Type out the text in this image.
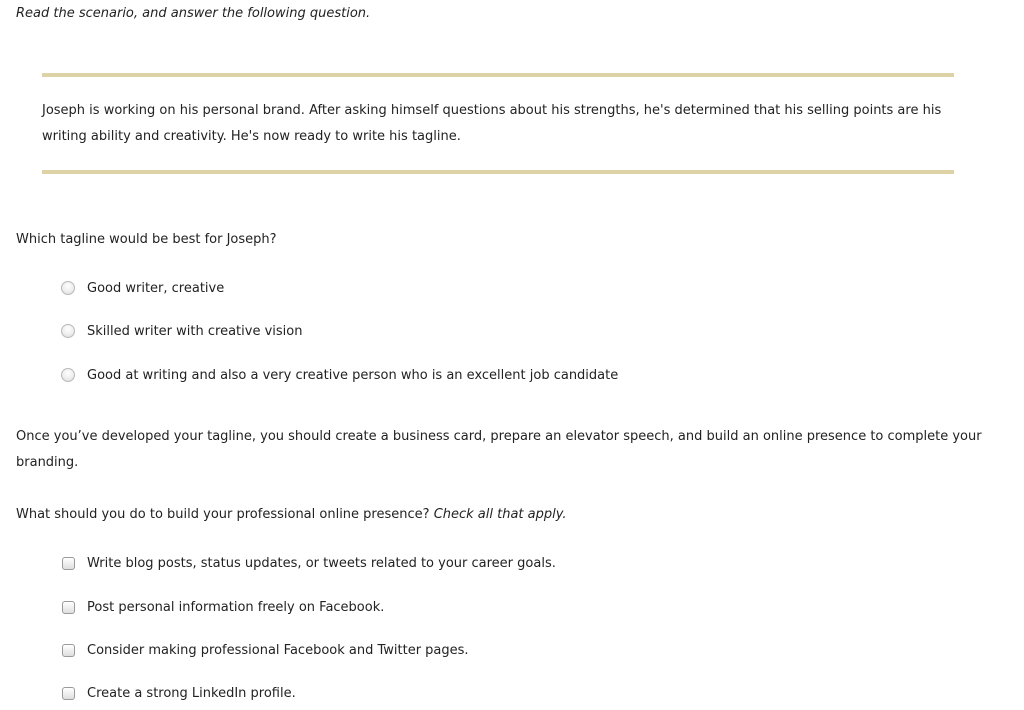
Read the scenario, and answer the following question.
Joseph is working on his personal brand. After asking himself questions about his strengths, he's determined that his selling points are his writing ability and creativity. He's now ready to write his tagline.
Which tagline would be best for Joseph?
Good writer, creative
Skilled writer with creative vision
Good at writing and also a very creative person who is an excellent job candidate
Once you’ve developed your tagline, you should create a business card, prepare an elevator speech, and build an online presence to complete your branding.
What should you do to build your professional online presence? Check all that apply.
Write blog posts, status updates, or tweets related to your career goals.
Post personal information freely on Facebook.
Consider making professional Facebook and Twitter pages.
Create a strong LinkedIn profile.
